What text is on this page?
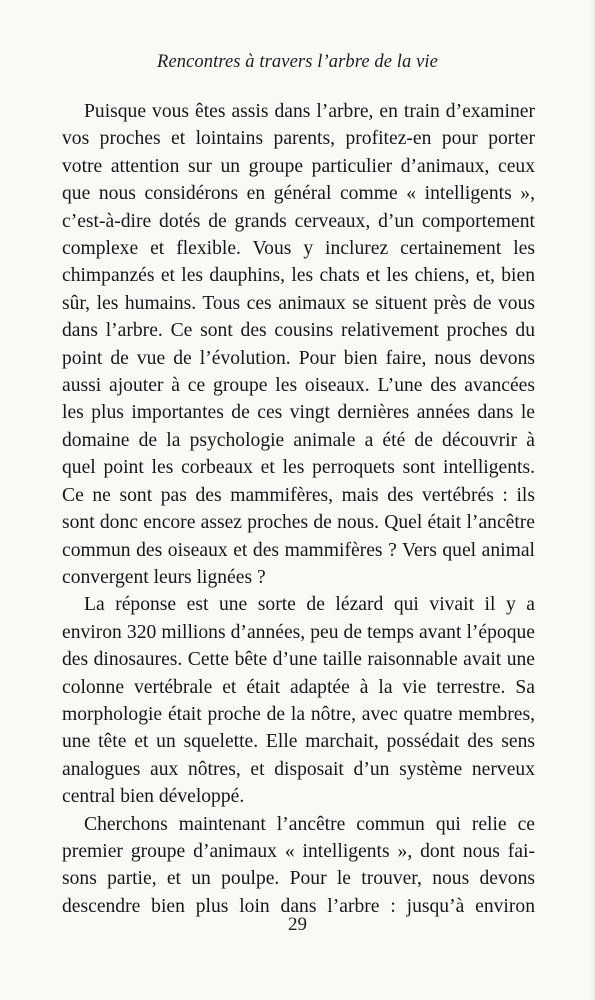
Rencontres à travers l’arbre de la vie

Puisque vous êtes assis dans l’arbre, en train d’examiner vos proches et lointains parents, profitez-en pour porter votre attention sur un groupe particulier d’animaux, ceux que nous considérons en général comme « intelligents », c’est-à-dire dotés de grands cerveaux, d’un comportement complexe et flexible. Vous y inclurez certainement les chimpanzés et les dauphins, les chats et les chiens, et, bien sûr, les humains. Tous ces animaux se situent près de vous dans l’arbre. Ce sont des cousins relativement proches du point de vue de l’évolution. Pour bien faire, nous devons aussi ajouter à ce groupe les oiseaux. L’une des avancées les plus importantes de ces vingt dernières années dans le domaine de la psychologie animale a été de découvrir à quel point les corbeaux et les perroquets sont intelligents. Ce ne sont pas des mammifères, mais des vertébrés : ils sont donc encore assez proches de nous. Quel était l’ancêtre commun des oiseaux et des mammifères ? Vers quel animal convergent leurs lignées ?

La réponse est une sorte de lézard qui vivait il y a environ 320 millions d’années, peu de temps avant l’époque des dinosaures. Cette bête d’une taille raisonnable avait une colonne vertébrale et était adaptée à la vie terrestre. Sa morphologie était proche de la nôtre, avec quatre membres, une tête et un squelette. Elle marchait, possédait des sens analogues aux nôtres, et disposait d’un système nerveux central bien développé.

Cherchons maintenant l’ancêtre commun qui relie ce premier groupe d’animaux « intelligents », dont nous faisons partie, et un poulpe. Pour le trouver, nous devons descendre bien plus loin dans l’arbre : jusqu’à environ

29
